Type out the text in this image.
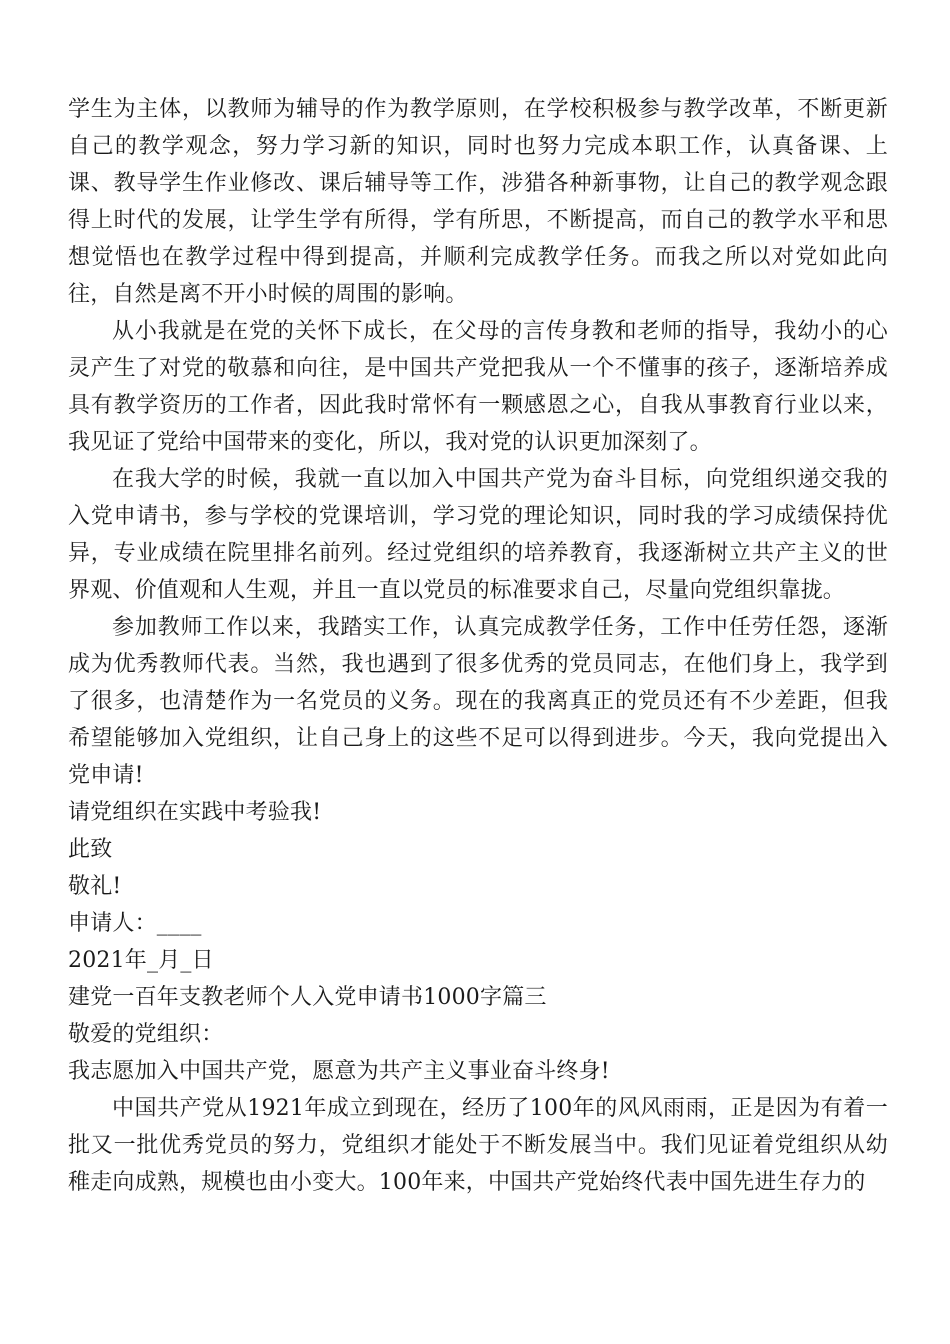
学生为主体，以教师为辅导的作为教学原则，在学校积极参与教学改革，不断更新自己的教学观念，努力学习新的知识，同时也努力完成本职工作，认真备课、上课、教导学生作业修改、课后辅导等工作，涉猎各种新事物，让自己的教学观念跟得上时代的发展，让学生学有所得，学有所思，不断提高，而自己的教学水平和思想觉悟也在教学过程中得到提高，并顺利完成教学任务。而我之所以对党如此向往，自然是离不开小时候的周围的影响。

从小我就是在党的关怀下成长，在父母的言传身教和老师的指导，我幼小的心灵产生了对党的敬慕和向往，是中国共产党把我从一个不懂事的孩子，逐渐培养成具有教学资历的工作者，因此我时常怀有一颗感恩之心，自我从事教育行业以来，我见证了党给中国带来的变化，所以，我对党的认识更加深刻了。

在我大学的时候，我就一直以加入中国共产党为奋斗目标，向党组织递交我的入党申请书，参与学校的党课培训，学习党的理论知识，同时我的学习成绩保持优异，专业成绩在院里排名前列。经过党组织的培养教育，我逐渐树立共产主义的世界观、价值观和人生观，并且一直以党员的标准要求自己，尽量向党组织靠拢。

参加教师工作以来，我踏实工作，认真完成教学任务，工作中任劳任怨，逐渐成为优秀教师代表。当然，我也遇到了很多优秀的党员同志，在他们身上，我学到了很多，也清楚作为一名党员的义务。现在的我离真正的党员还有不少差距，但我希望能够加入党组织，让自己身上的这些不足可以得到进步。今天，我向党提出入党申请!

请党组织在实践中考验我!

此致

敬礼!

申请人：____

2021年_月_日

建党一百年支教老师个人入党申请书1000字篇三

敬爱的党组织：

我志愿加入中国共产党，愿意为共产主义事业奋斗终身!

中国共产党从1921年成立到现在，经历了100年的风风雨雨，正是因为有着一批又一批优秀党员的努力，党组织才能处于不断发展当中。我们见证着党组织从幼稚走向成熟，规模也由小变大。100年来，中国共产党始终代表中国先进生存力的
